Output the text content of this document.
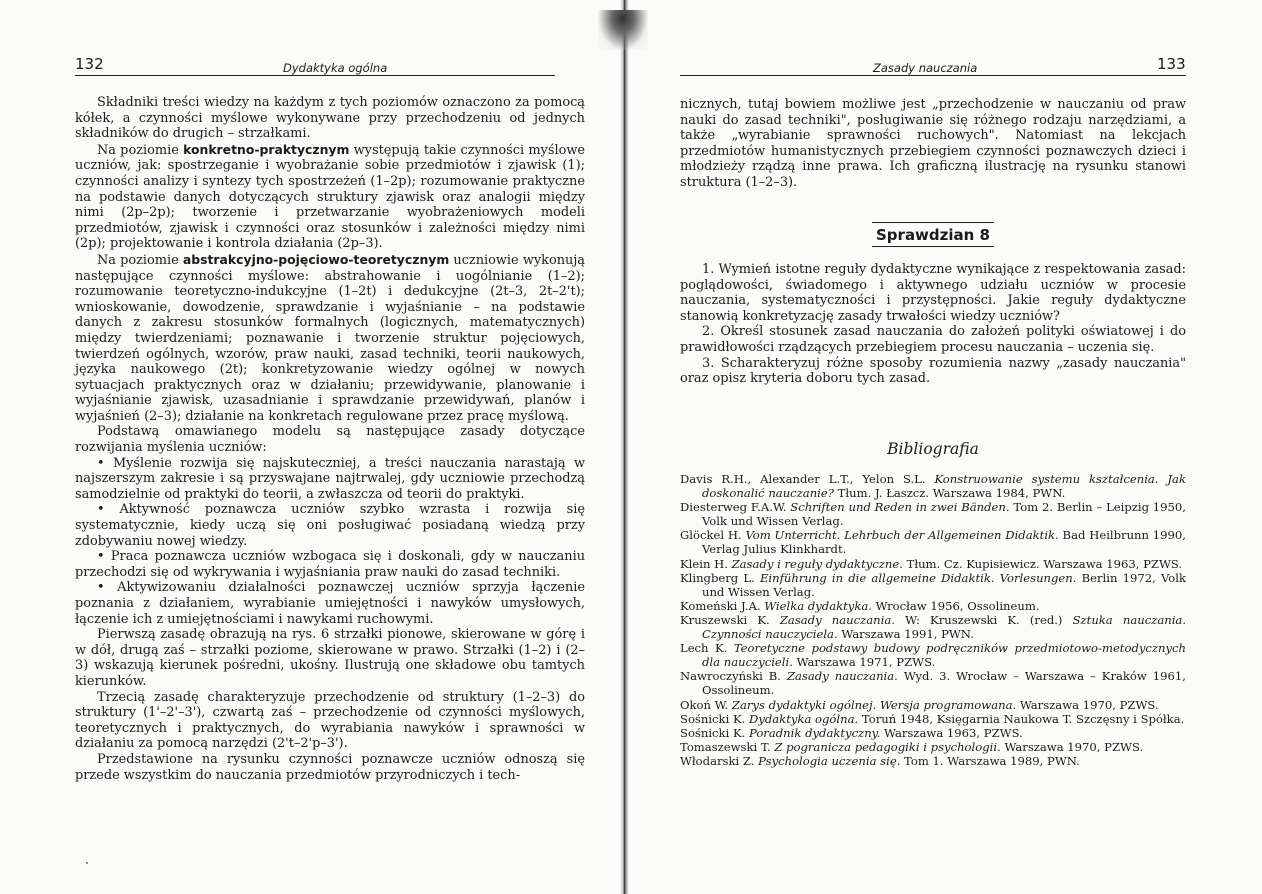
132	Dydaktyka ogólna

Składniki treści wiedzy na każdym z tych poziomów oznaczono za pomocą kółek, a czynności myślowe wykonywane przy przechodzeniu od jednych składników do drugich – strzałkami.

Na poziomie konkretno-praktycznym występują takie czynności myślowe uczniów, jak: spostrzeganie i wyobrażanie sobie przedmiotów i zjawisk (1); czynności analizy i syntezy tych spostrzeżeń (1–2p); rozumowanie praktyczne na podstawie danych dotyczących struktury zjawisk oraz analogii między nimi (2p–2p); tworzenie i przetwarzanie wyobrażeniowych modeli przedmiotów, zjawisk i czynności oraz stosunków i zależności między nimi (2p); projektowanie i kontrola działania (2p–3).

Na poziomie abstrakcyjno-pojęciowo-teoretycznym uczniowie wykonują następujące czynności myślowe: abstrahowanie i uogólnianie (1–2); rozumowanie teoretyczno-indukcyjne (1–2t) i dedukcyjne (2t–3, 2t–2't); wnioskowanie, dowodzenie, sprawdzanie i wyjaśnianie – na podstawie danych z zakresu stosunków formalnych (logicznych, matematycznych) między twierdzeniami; poznawanie i tworzenie struktur pojęciowych, twierdzeń ogólnych, wzorów, praw nauki, zasad techniki, teorii naukowych, języka naukowego (2t); konkretyzowanie wiedzy ogólnej w nowych sytuacjach praktycznych oraz w działaniu; przewidywanie, planowanie i wyjaśnianie zjawisk, uzasadnianie i sprawdzanie przewidywań, planów i wyjaśnień (2–3); działanie na konkretach regulowane przez pracę myślową.

Podstawą omawianego modelu są następujące zasady dotyczące rozwijania myślenia uczniów:

• Myślenie rozwija się najskuteczniej, a treści nauczania narastają w najszerszym zakresie i są przyswajane najtrwalej, gdy uczniowie przechodzą samodzielnie od praktyki do teorii, a zwłaszcza od teorii do praktyki.

• Aktywność poznawcza uczniów szybko wzrasta i rozwija się systematycznie, kiedy uczą się oni posługiwać posiadaną wiedzą przy zdobywaniu nowej wiedzy.

• Praca poznawcza uczniów wzbogaca się i doskonali, gdy w nauczaniu przechodzi się od wykrywania i wyjaśniania praw nauki do zasad techniki.

• Aktywizowaniu działalności poznawczej uczniów sprzyja łączenie poznania z działaniem, wyrabianie umiejętności i nawyków umysłowych, łączenie ich z umiejętnościami i nawykami ruchowymi.

Pierwszą zasadę obrazują na rys. 6 strzałki pionowe, skierowane w górę i w dół, drugą zaś – strzałki poziome, skierowane w prawo. Strzałki (1–2) i (2–3) wskazują kierunek pośredni, ukośny. Ilustrują one składowe obu tamtych kierunków.

Trzecią zasadę charakteryzuje przechodzenie od struktury (1–2–3) do struktury (1'–2'–3'), czwartą zaś – przechodzenie od czynności myślowych, teoretycznych i praktycznych, do wyrabiania nawyków i sprawności w działaniu za pomocą narzędzi (2't–2'p–3').

Przedstawione na rysunku czynności poznawcze uczniów odnoszą się przede wszystkim do nauczania przedmiotów przyrodniczych i tech-

Zasady nauczania	133

nicznych, tutaj bowiem możliwe jest „przechodzenie w nauczaniu od praw nauki do zasad techniki", posługiwanie się różnego rodzaju narzędziami, a także „wyrabianie sprawności ruchowych". Natomiast na lekcjach przedmiotów humanistycznych przebiegiem czynności poznawczych dzieci i młodzieży rządzą inne prawa. Ich graficzną ilustrację na rysunku stanowi struktura (1–2–3).

Sprawdzian 8

1. Wymień istotne reguły dydaktyczne wynikające z respektowania zasad: poglądowości, świadomego i aktywnego udziału uczniów w procesie nauczania, systematyczności i przystępności. Jakie reguły dydaktyczne stanowią konkretyzację zasady trwałości wiedzy uczniów?

2. Określ stosunek zasad nauczania do założeń polityki oświatowej i do prawidłowości rządzących przebiegiem procesu nauczania – uczenia się.

3. Scharakteryzuj różne sposoby rozumienia nazwy „zasady nauczania" oraz opisz kryteria doboru tych zasad.

Bibliografia

Davis R.H., Alexander L.T., Yelon S.L. Konstruowanie systemu kształcenia. Jak doskonalić nauczanie? Tłum. J. Łaszcz. Warszawa 1984, PWN.

Diesterweg F.A.W. Schriften und Reden in zwei Bänden. Tom 2. Berlin – Leipzig 1950, Volk und Wissen Verlag.

Glöckel H. Vom Unterricht. Lehrbuch der Allgemeinen Didaktik. Bad Heilbrunn 1990, Verlag Julius Klinkhardt.

Klein H. Zasady i reguły dydaktyczne. Tłum. Cz. Kupisiewicz. Warszawa 1963, PZWS.

Klingberg L. Einführung in die allgemeine Didaktik. Vorlesungen. Berlin 1972, Volk und Wissen Verlag.

Komeński J.A. Wielka dydaktyka. Wrocław 1956, Ossolineum.

Kruszewski K. Zasady nauczania. W: Kruszewski K. (red.) Sztuka nauczania. Czynności nauczyciela. Warszawa 1991, PWN.

Lech K. Teoretyczne podstawy budowy podręczników przedmiotowo-metodycznych dla nauczycieli. Warszawa 1971, PZWS.

Nawroczyński B. Zasady nauczania. Wyd. 3. Wrocław – Warszawa – Kraków 1961, Ossolineum.

Okoń W. Zarys dydaktyki ogólnej. Wersja programowana. Warszawa 1970, PZWS.

Sośnicki K. Dydaktyka ogólna. Toruń 1948, Księgarnia Naukowa T. Szczęsny i Spółka.

Sośnicki K. Poradnik dydaktyczny. Warszawa 1963, PZWS.

Tomaszewski T. Z pogranicza pedagogiki i psychologii. Warszawa 1970, PZWS.

Włodarski Z. Psychologia uczenia się. Tom 1. Warszawa 1989, PWN.
